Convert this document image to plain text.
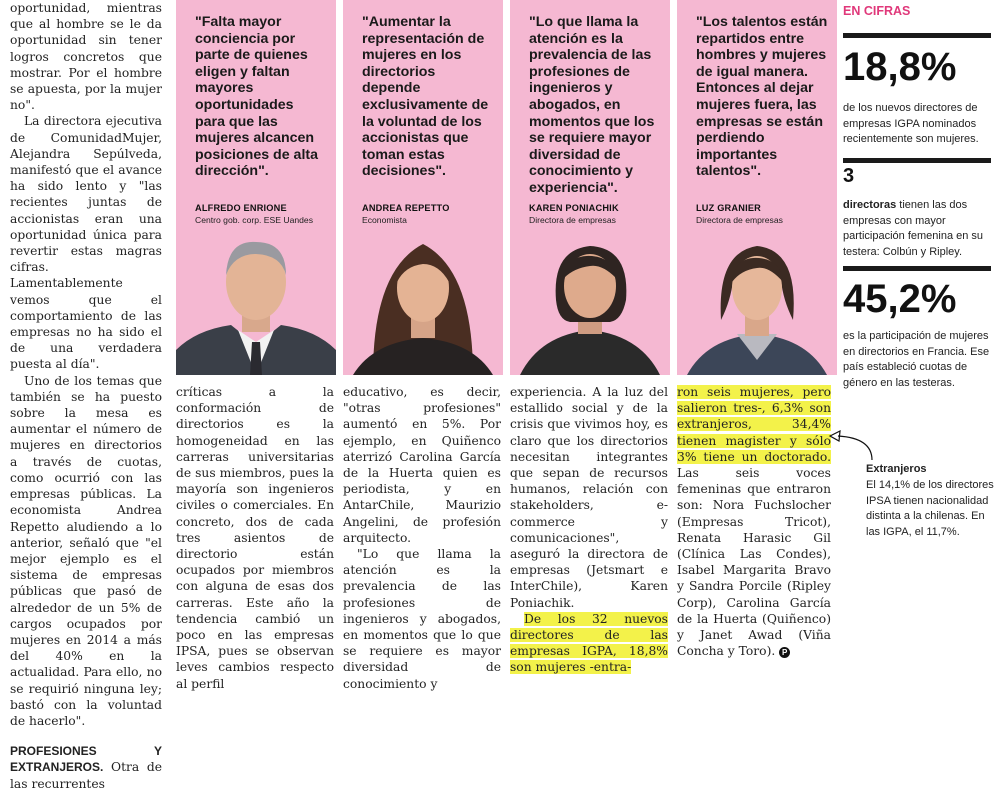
oportunidad, mientras que al hombre se le da oportunidad sin tener logros concretos que mostrar. Por el hombre se apuesta, por la mujer no".

La directora ejecutiva de ComunidadMujer, Alejandra Sepúlveda, manifestó que el avance ha sido lento y "las recientes juntas de accionistas eran una oportunidad única para revertir estas magras cifras. Lamentablemente vemos que el comportamiento de las empresas no ha sido el de una verdadera puesta al día".

Uno de los temas que también se ha puesto sobre la mesa es aumentar el número de mujeres en directorios a través de cuotas, como ocurrió con las empresas públicas. La economista Andrea Repetto aludiendo a lo anterior, señaló que "el mejor ejemplo es el sistema de empresas públicas que pasó de alrededor de un 5% de cargos ocupados por mujeres en 2014 a más del 40% en la actualidad. Para ello, no se requirió ninguna ley; bastó con la voluntad de hacerlo".

PROFESIONES Y EXTRANJEROS. Otra de las recurrentes

"Falta mayor conciencia por parte de quienes eligen y faltan mayores oportunidades para que las mujeres alcancen posiciones de alta dirección".
ALFREDO ENRIONE
Centro gob. corp. ESE Uandes
"Aumentar la representación de mujeres en los directorios depende exclusivamente de la voluntad de los accionistas que toman estas decisiones".
ANDREA REPETTO
Economista
"Lo que llama la atención es la prevalencia de las profesiones de ingenieros y abogados, en momentos que los se requiere mayor diversidad de conocimiento y experiencia".
KAREN PONIACHIK
Directora de empresas
"Los talentos están repartidos entre hombres y mujeres de igual manera. Entonces al dejar mujeres fuera, las empresas se están perdiendo importantes talentos".
LUZ GRANIER
Directora de empresas

críticas a la conformación de directorios es la homogeneidad en las carreras universitarias de sus miembros, pues la mayoría son ingenieros civiles o comerciales. En concreto, dos de cada tres asientos de directorio están ocupados por miembros con alguna de esas dos carreras. Este año la tendencia cambió un poco en las empresas IPSA, pues se observan leves cambios respecto al perfil

educativo, es decir, "otras profesiones" aumentó en 5%. Por ejemplo, en Quiñenco aterrizó Carolina García de la Huerta quien es periodista, y en AntarChile, Maurizio Angelini, de profesión arquitecto.

"Lo que llama la atención es la prevalencia de las profesiones de ingenieros y abogados, en momentos que lo que se requiere es mayor diversidad de conocimiento y

experiencia. A la luz del estallido social y de la crisis que vivimos hoy, es claro que los directorios necesitan integrantes que sepan de recursos humanos, relación con stakeholders, e-commerce y comunicaciones", aseguró la directora de empresas (Jetsmart e InterChile), Karen Poniachik.

De los 32 nuevos directores de las empresas IGPA, 18,8% son mujeres -entra-

ron seis mujeres, pero salieron tres-, 6,3% son extranjeros, 34,4% tienen magister y sólo 3% tiene un doctorado. Las seis voces femeninas que entraron son: Nora Fuchslocher (Empresas Tricot), Renata Harasic Gil (Clínica Las Condes), Isabel Margarita Bravo y Sandra Porcile (Ripley Corp), Carolina García de la Huerta (Quiñenco) y Janet Awad (Viña Concha y Toro). P

EN CIFRAS
18,8%
de los nuevos directores de empresas IGPA nominados recientemente son mujeres.
3
directoras tienen las dos empresas con mayor participación femenina en su testera: Colbún y Ripley.
45,2%
es la participación de mujeres en directorios en Francia. Ese país estableció cuotas de género en las testeras.
Extranjeros
El 14,1% de los directores IPSA tienen nacionalidad distinta a la chilenas. En las IGPA, el 11,7%.
